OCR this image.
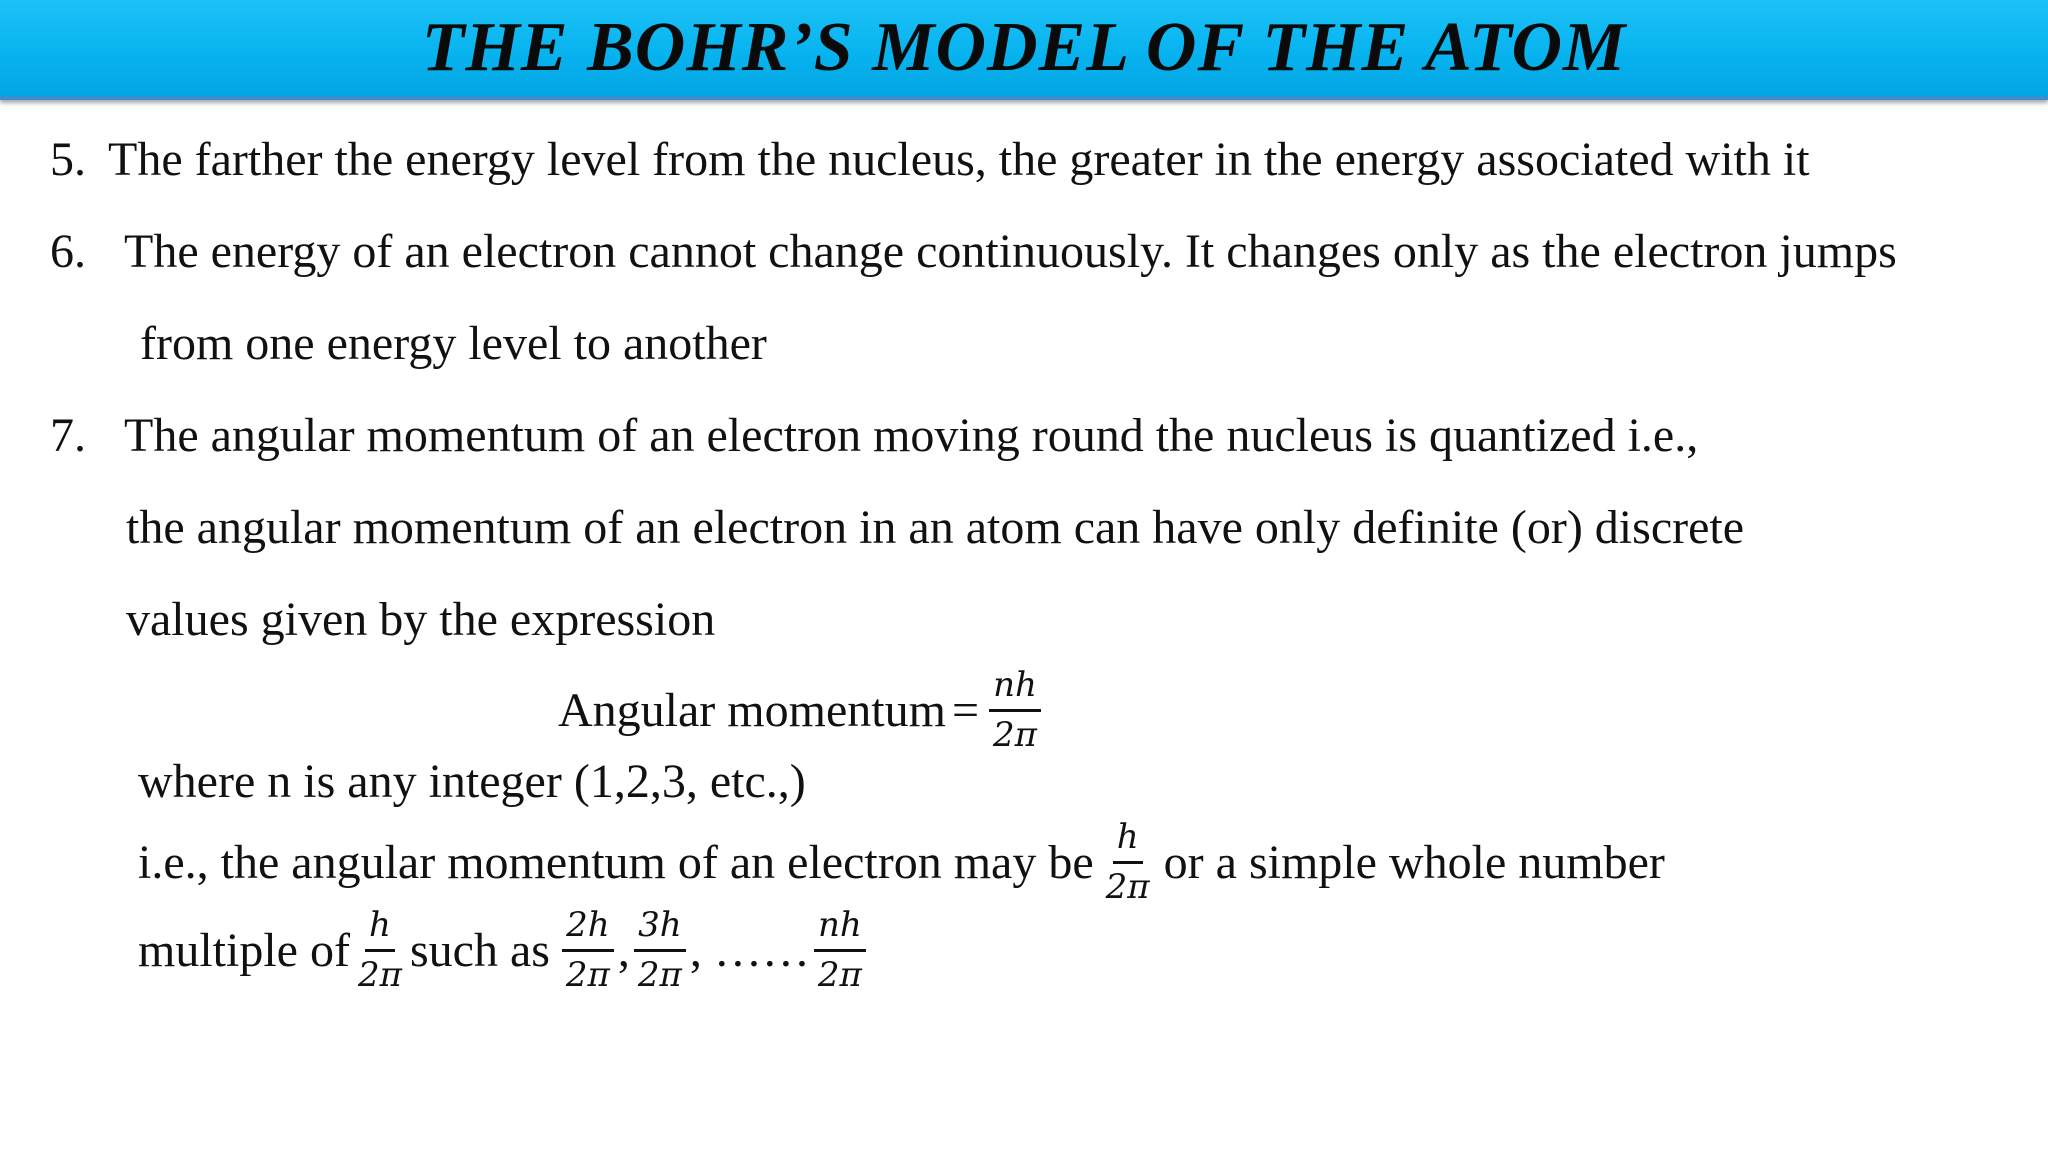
THE BOHR’S MODEL OF THE ATOM
5. The farther the energy level from the nucleus, the greater in the energy associated with it
6. The energy of an electron cannot change continuously. It changes only as the electron jumps
from one energy level to another
7. The angular momentum of an electron moving round the nucleus is quantized i.e.,
the angular momentum of an electron in an atom can have only definite (or) discrete
values given by the expression
Angular momentum = $\frac{nh}{2\pi}$
where n is any integer (1,2,3, etc.,)
i.e., the angular momentum of an electron may be $\frac{h}{2\pi}$ or a simple whole number
multiple of $\frac{h}{2\pi}$ such as $\frac{2h}{2\pi}$ , $\frac{3h}{2\pi}$ , …… $\frac{nh}{2\pi}$
